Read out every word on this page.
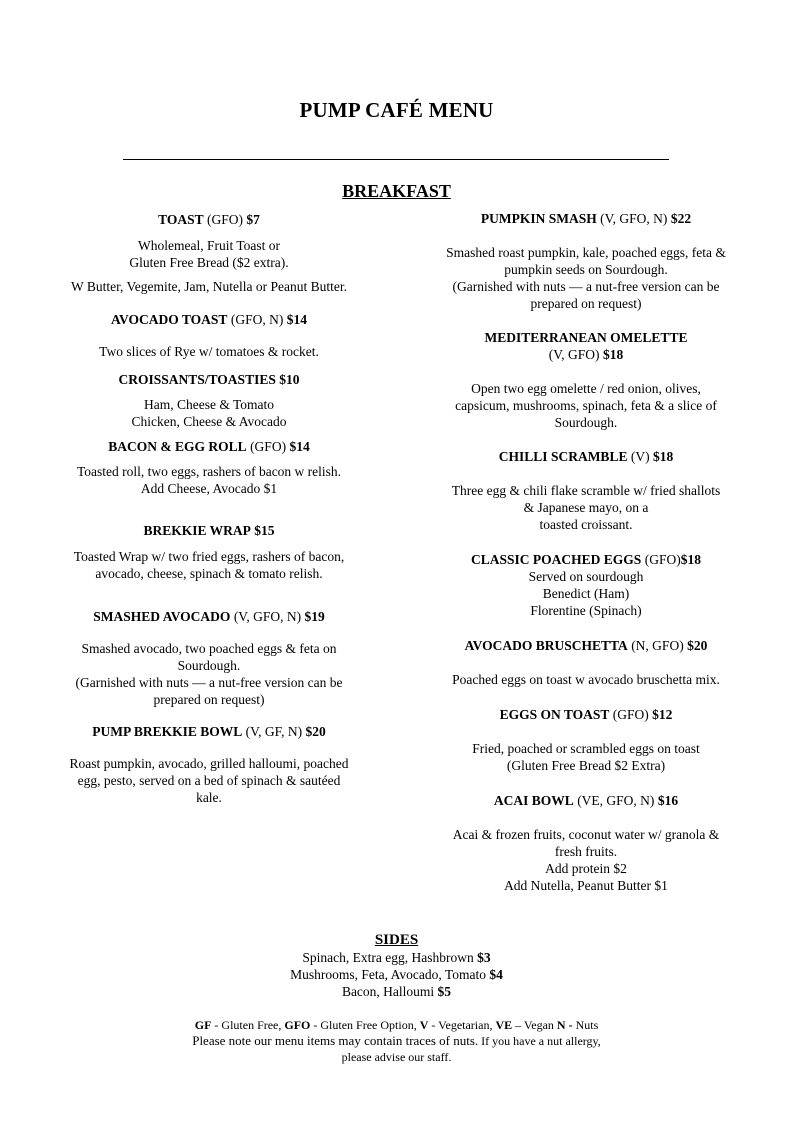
PUMP CAFÉ MENU
BREAKFAST

TOAST (GFO) $7

Wholemeal, Fruit Toast or

Gluten Free Bread ($2 extra).

W Butter, Vegemite, Jam, Nutella or Peanut Butter.

AVOCADO TOAST (GFO, N) $14

Two slices of Rye w/ tomatoes & rocket.

CROISSANTS/TOASTIES $10

Ham, Cheese & Tomato

Chicken, Cheese & Avocado

BACON & EGG ROLL (GFO) $14

Toasted roll, two eggs, rashers of bacon w relish.

Add Cheese, Avocado $1

BREKKIE WRAP $15

Toasted Wrap w/ two fried eggs, rashers of bacon, avocado, cheese, spinach & tomato relish.

SMASHED AVOCADO (V, GFO, N) $19

Smashed avocado, two poached eggs & feta on Sourdough.

(Garnished with nuts — a nut-free version can be prepared on request)

PUMP BREKKIE BOWL (V, GF, N) $20

Roast pumpkin, avocado, grilled halloumi, poached egg, pesto, served on a bed of spinach & sautéed kale.

PUMPKIN SMASH (V, GFO, N) $22

Smashed roast pumpkin, kale, poached eggs, feta & pumpkin seeds on Sourdough.

(Garnished with nuts — a nut-free version can be prepared on request)

MEDITERRANEAN OMELETTE
(V, GFO) $18

Open two egg omelette / red onion, olives, capsicum, mushrooms, spinach, feta & a slice of Sourdough.

CHILLI SCRAMBLE (V) $18

Three egg & chili flake scramble w/ fried shallots & Japanese mayo, on a

toasted croissant.

CLASSIC POACHED EGGS (GFO)$18

Served on sourdough

Benedict (Ham)

Florentine (Spinach)

AVOCADO BRUSCHETTA (N, GFO) $20

Poached eggs on toast w avocado bruschetta mix.

EGGS ON TOAST (GFO) $12

Fried, poached or scrambled eggs on toast

(Gluten Free Bread $2 Extra)

ACAI BOWL (VE, GFO, N) $16

Acai & frozen fruits, coconut water w/ granola & fresh fruits.

Add protein $2

Add Nutella, Peanut Butter $1

SIDES
Spinach, Extra egg, Hashbrown $3
Mushrooms, Feta, Avocado, Tomato $4
Bacon, Halloumi $5
GF - Gluten Free, GFO - Gluten Free Option, V - Vegetarian, VE – Vegan N - Nuts
Please note our menu items may contain traces of nuts. If you have a nut allergy,
please advise our staff.
